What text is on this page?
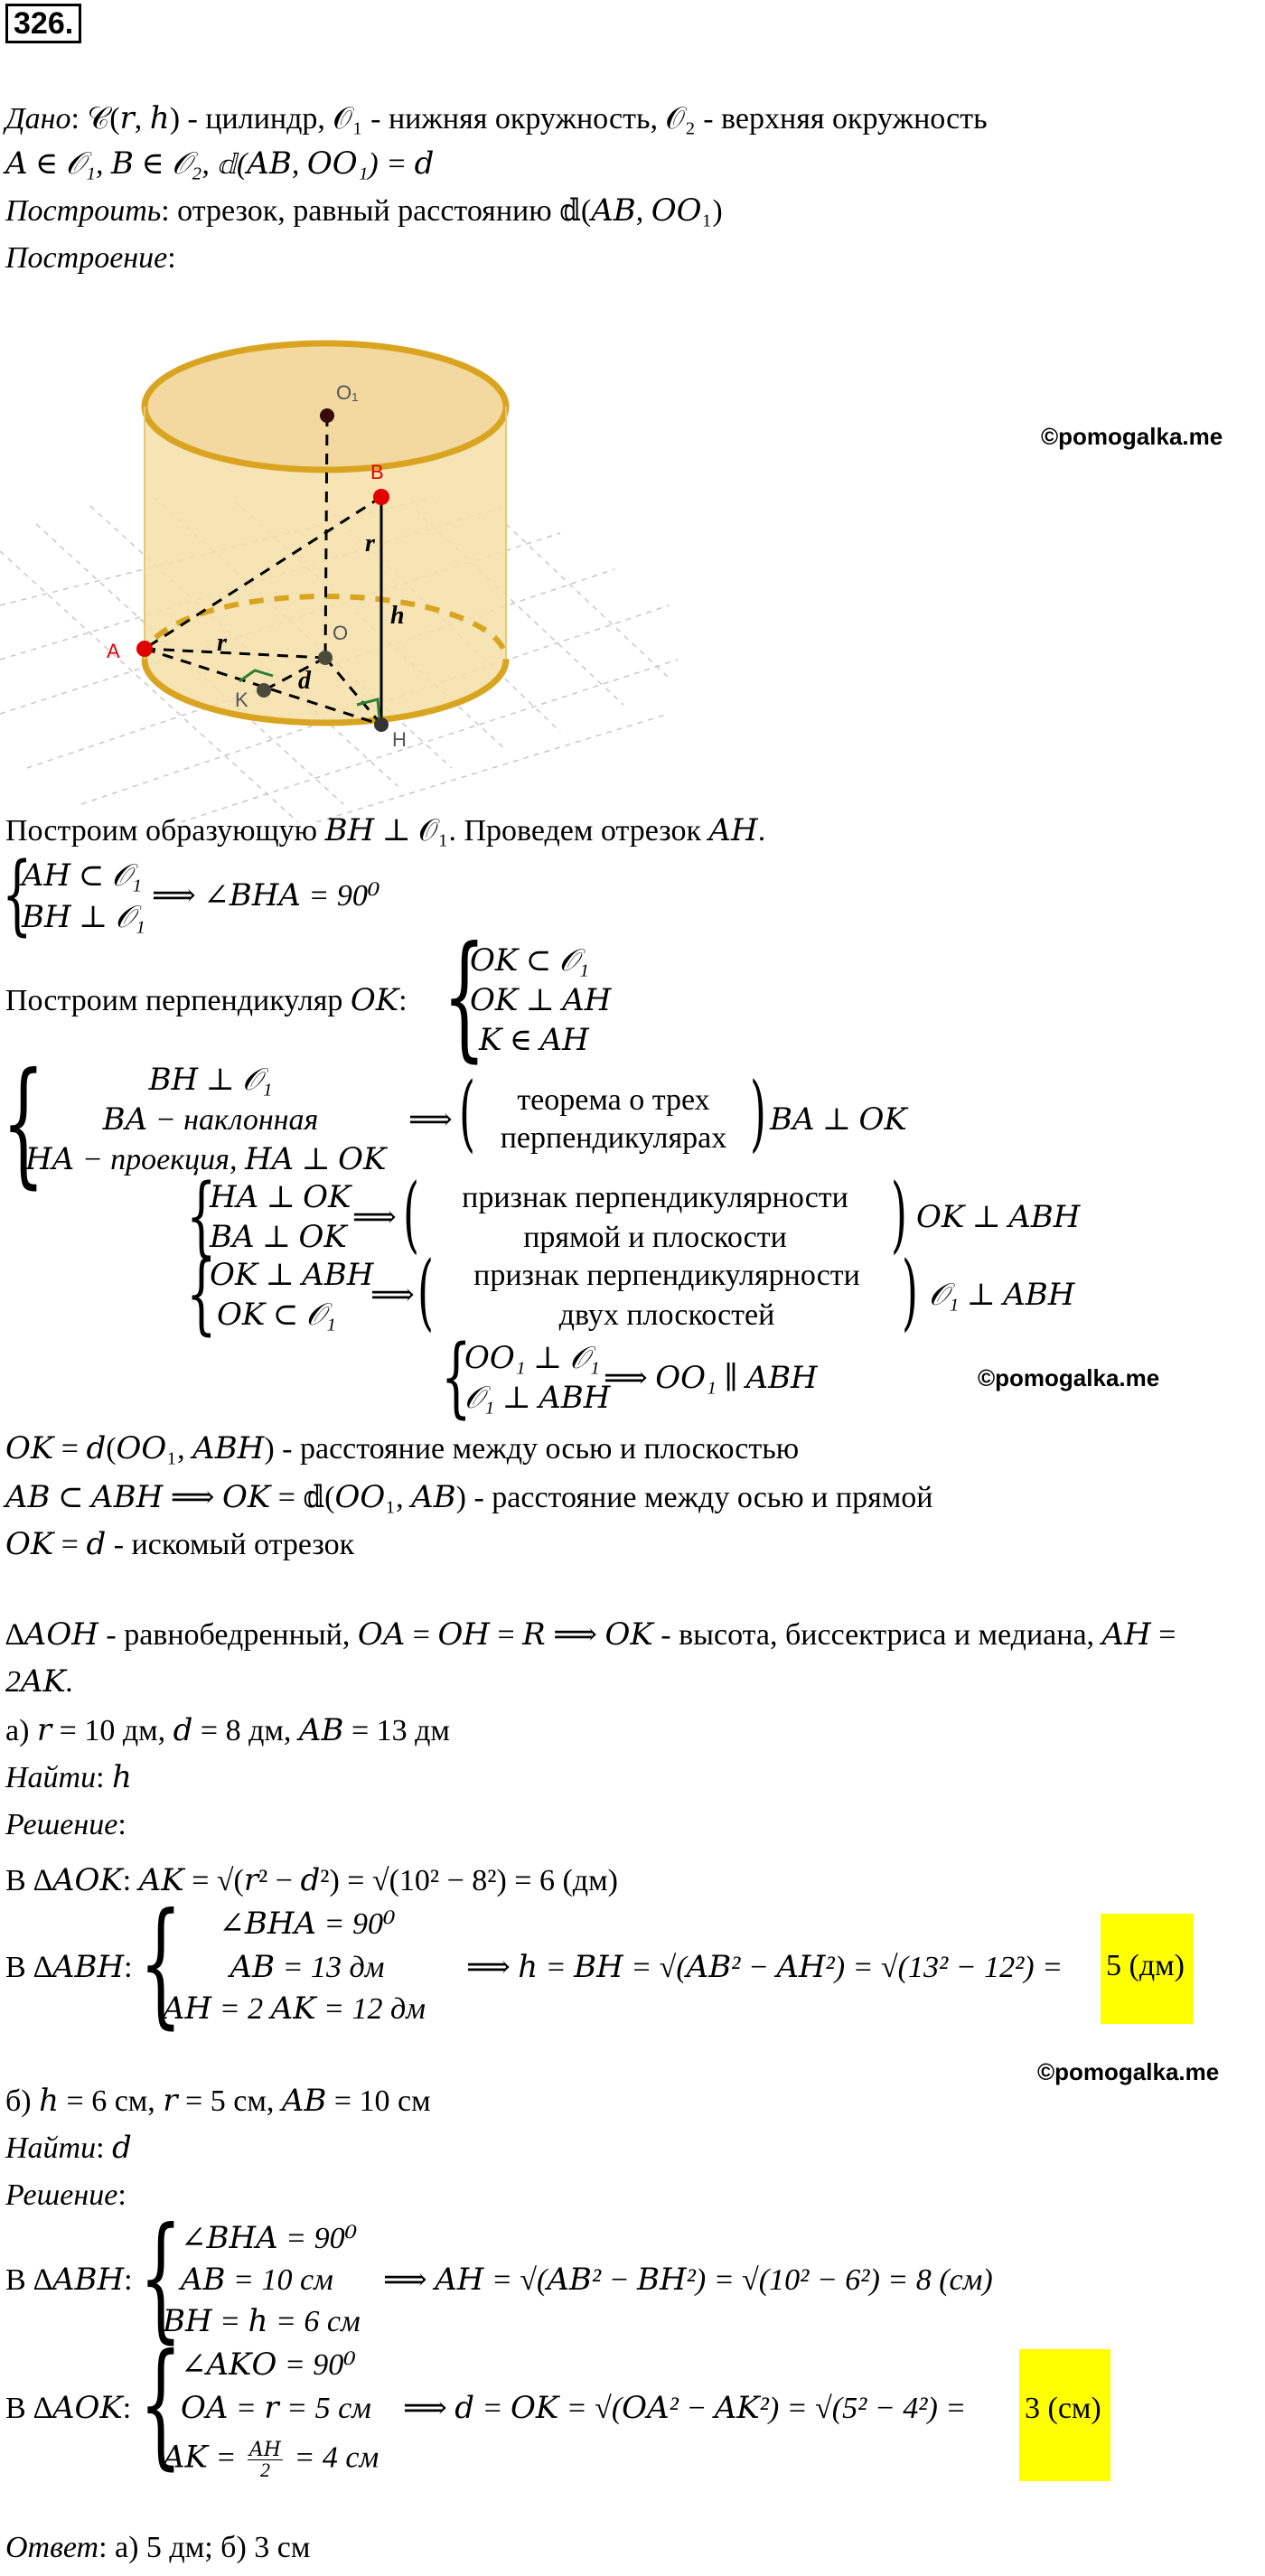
326.
Дано: 𝒞(𝑟, ℎ) - цилиндр, 𝒪₁ - нижняя окружность, 𝒪₂ - верхняя окружность
𝐴 ∈ 𝒪₁, 𝐵 ∈ 𝒪₂, 𝕕(𝐴𝐵, 𝑂𝑂₁) = 𝑑
Построить: отрезок, равный расстоянию 𝕕(𝐴𝐵, 𝑂𝑂₁)
Построение:
©pomogalka.me
O₁
B
A
O
K
H
r
r
h
d
Построим образующую 𝐵𝐻 ⊥ 𝒪₁. Проведем отрезок 𝐴𝐻.
{
𝐴𝐻 ⊂ 𝒪₁
𝐵𝐻 ⊥ 𝒪₁
⟹ ∠𝐵𝐻𝐴 = 90⁰
Построим перпендикуляр 𝑂𝐾: {
𝑂𝐾 ⊂ 𝒪₁
𝑂𝐾 ⊥ 𝐴𝐻
𝐾 ∈ 𝐴𝐻
{	𝐵𝐻 ⊥ 𝒪₁
𝐵𝐴 − наклонная
𝐻𝐴 − проекция, 𝐻𝐴 ⊥ 𝑂𝐾
⟹ (	теорема о трех
перпендикулярах ) 𝐵𝐴 ⊥ 𝑂𝐾
{
𝐻𝐴 ⊥ 𝑂𝐾
𝐵𝐴 ⊥ 𝑂𝐾
⟹ (	признак перпендикулярности
прямой и плоскости	) 𝑂𝐾 ⊥ 𝐴𝐵𝐻
{
𝑂𝐾 ⊥ 𝐴𝐵𝐻
𝑂𝐾 ⊂ 𝒪₁
⟹ (	признак перпендикулярности
двух плоскостей	) 𝒪₁ ⊥ 𝐴𝐵𝐻
{
𝑂𝑂₁ ⊥ 𝒪₁
𝒪₁ ⊥ 𝐴𝐵𝐻
⟹ 𝑂𝑂₁ ∥ 𝐴𝐵𝐻	©pomogalka.me
𝑂𝐾 = 𝑑(𝑂𝑂₁, 𝐴𝐵𝐻) - расстояние между осью и плоскостью
𝐴𝐵 ⊂ 𝐴𝐵𝐻 ⟹ 𝑂𝐾 = 𝕕(𝑂𝑂₁, 𝐴𝐵) - расстояние между осью и прямой
𝑂𝐾 = 𝑑 - искомый отрезок
∆𝐴𝑂𝐻 - равнобедренный, 𝑂𝐴 = 𝑂𝐻 = 𝑅 ⟹ 𝑂𝐾 - высота, биссектриса и медиана, 𝐴𝐻 =
2𝐴𝐾.
а) 𝑟 = 10 дм, 𝑑 = 8 дм, 𝐴𝐵 = 13 дм
Найти: ℎ
Решение:
В ∆𝐴𝑂𝐾: 𝐴𝐾 = √(𝑟² − 𝑑²) = √(10² − 8²) = 6 (дм)
В ∆𝐴𝐵𝐻: {	∠𝐵𝐻𝐴 = 90⁰
𝐴𝐵 = 13 дм
𝐴𝐻 = 2 𝐴𝐾 = 12 дм
⟹ ℎ = 𝐵𝐻 = √(𝐴𝐵² − 𝐴𝐻²) = √(13² − 12²) = 5 (дм)
©pomogalka.me
б) ℎ = 6 см, 𝑟 = 5 см, 𝐴𝐵 = 10 см
Найти: 𝑑
Решение:
В ∆𝐴𝐵𝐻: {
∠𝐵𝐻𝐴 = 90⁰
𝐴𝐵 = 10 см
𝐵𝐻 = ℎ = 6 см
⟹ 𝐴𝐻 = √(𝐴𝐵² − 𝐵𝐻²) = √(10² − 6²) = 8 (см)
В ∆𝐴𝑂𝐾: {
∠𝐴𝐾𝑂 = 90⁰
𝑂𝐴 = 𝑟 = 5 см
𝐴𝐾 = 𝐴𝐻
2 = 4 см
⟹ 𝑑 = 𝑂𝐾 = √(𝑂𝐴² − 𝐴𝐾²) = √(5² − 4²) = 3 (см)
Ответ: а) 5 дм; б) 3 см
